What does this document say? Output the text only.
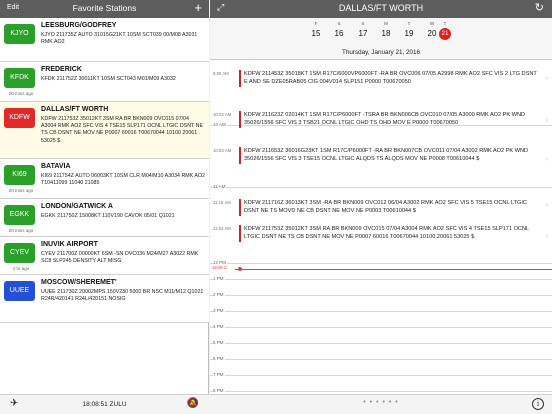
Edit	Favorite Stations	+
KJYO
LEESBURG/GODFREY
KJYO 211735Z AUTO 31015G21KT 10SM SCT039 00/M08 A3031 RMK AO2
KFDK
20 mins ago
FREDERICK
KFDK 211752Z 30011KT 10SM SCT043 M01/M09 A3032
KDFW
DALLAS/FT WORTH
KDFW 211753Z 35012KT 3SM RA BR BKN009 OVC015 07/04 A3004 RMK AO2 SFC VIS 4 TSE15 SLP171 OCNL LTGIC DSNT NE TS CB DSNT NE MOV NE P0007 60016 T00670044 10100 20061 53025 $
KI69
20 mins ago
BATAVIA
KI69 211754Z AUTO 06003KT 10SM CLR M04/M10 A3034 RMK AO2 T10411099 11040 21085
EGKK
20 mins ago
LONDON/GATWICK A
EGKK 211750Z 15008KT 110V190 CAVOK 05/01 Q1021
CYEV
1 hr ago
INUVIK AIRPORT
CYEV 211700Z 00000KT 6SM -SN OVC036 M24/M27 A3022 RMK SC8 SLP245 DENSITY ALT MISG
UUEE
MOSCOW/SHEREMET'
UUEE 211730Z 20002MPS 150V230 5000 BR NSC M11/M12 Q1021 R24R/420141 R24L/420151 NOSIG
✈	18:08:51 ZULU	🔕
⤢	DALLAS/FT WORTH	↻
F
15
S
16
S
17
M
18
T
19
W
20
T
21
Thursday, January 21, 2016
10 AM
11 AM
12 PM
1 PM
2 PM
3 PM
4 PM
5 PM
6 PM
7 PM
8 PM
8:55 AM	KDFW 211453Z 35018KT 1SM R17C/6000VP6000FT -RA BR OVC006 07/05 A2998 RMK AO2 SFC VIS 2 LTG DSNT E AND SE DZE05RAB05 CIG 004V014 SLP151 P0000 T00670050
›
10:23 AM	KDFW 211623Z 02014KT 1SM R17C/P6000FT -TSRA BR BKN006CB OVC010 07/05 A3000 RMK AO2 PK WND 35026/1556 SFC VIS 3 TSB21 OCNL LTGIC OHD TS OHD MOV E P0000 T00670050	›
10:53 AM	KDFW 211653Z 36016G23KT 1SM R17C/P6000FT -RA BR BKN007CB OVC011 07/04 A3002 RMK AO2 PK WND 35026/1556 SFC VIS 3 TSE15 OCNL LTGIC ALQDS TS ALQDS MOV NE P0008 T00610044 $	›
11:16 AM	KDFW 211716Z 36013KT 3SM -RA BR BKN009 OVC012 06/04 A3002 RMK AO2 SFC VIS 5 TSE15 OCNL LTGIC DSNT NE TS MOVD NE CB DSNT NE MOV NE P0003 T00610044 $
›
11:53 AM	KDFW 211753Z 35012KT 3SM RA BR BKN009 OVC015 07/04 A3004 RMK AO2 SFC VIS 4 TSE15 SLP171 OCNL LTGIC DSNT NE TS CB DSNT NE MOV NE P0007 60016 T00670044 10100 20061 53025 $	›
18:06 Z
• • • • • •	i
